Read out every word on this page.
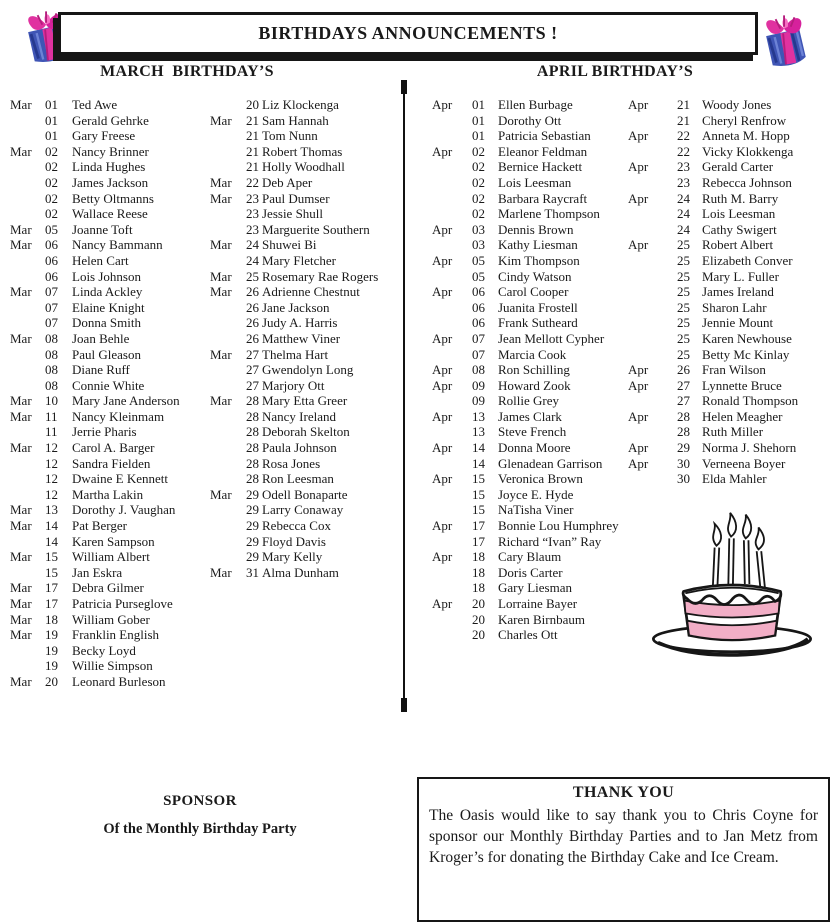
BIRTHDAYS ANNOUNCEMENTS !
MARCH  BIRTHDAY’S	APRIL BIRTHDAY’S
Mar	01	Ted Awe
01	Gerald Gehrke
01	Gary Freese
Mar	02	Nancy Brinner
02	Linda Hughes
02	James Jackson
02	Betty Oltmanns
02	Wallace Reese
Mar	05	Joanne Toft
Mar	06	Nancy Bammann
06	Helen Cart
06	Lois Johnson
Mar	07	Linda Ackley
07	Elaine Knight
07	Donna Smith
Mar	08	Joan Behle
08	Paul Gleason
08	Diane Ruff
08	Connie White
Mar	10	Mary Jane Anderson
Mar	11	Nancy Kleinmam
11	Jerrie Pharis
Mar	12	Carol A. Barger
12	Sandra Fielden
12	Dwaine E Kennett
12	Martha Lakin
Mar	13	Dorothy J. Vaughan
Mar	14	Pat Berger
14	Karen Sampson
Mar	15	William Albert
15	Jan Eskra
Mar	17	Debra Gilmer
Mar	17	Patricia Purseglove
Mar	18	William Gober
Mar	19	Franklin English
19	Becky Loyd
19	Willie Simpson
Mar	20	Leonard Burleson
20 Liz Klockenga
Mar	21 Sam Hannah
21 Tom Nunn
21 Robert Thomas
21 Holly Woodhall
Mar	22 Deb Aper
Mar	23 Paul Dumser
23 Jessie Shull
23 Marguerite Southern
Mar	24 Shuwei Bi
24 Mary Fletcher
Mar	25 Rosemary Rae Rogers
Mar	26 Adrienne Chestnut
26 Jane Jackson
26 Judy A. Harris
26 Matthew Viner
Mar	27 Thelma Hart
27 Gwendolyn Long
27 Marjory Ott
Mar	28 Mary Etta Greer
28 Nancy Ireland
28 Deborah Skelton
28 Paula Johnson
28 Rosa Jones
28 Ron Leesman
Mar	29 Odell Bonaparte
29 Larry Conaway
29 Rebecca Cox
29 Floyd Davis
29 Mary Kelly
Mar	31 Alma Dunham
Apr	01	Ellen Burbage
01	Dorothy Ott
01	Patricia Sebastian
Apr	02	Eleanor Feldman
02	Bernice Hackett
02	Lois Leesman
02	Barbara Raycraft
02	Marlene Thompson
Apr	03	Dennis Brown
03	Kathy Liesman
Apr	05	Kim Thompson
05	Cindy Watson
Apr	06	Carol Cooper
06	Juanita Frostell
06	Frank Sutheard
Apr	07	Jean Mellott Cypher
07	Marcia Cook
Apr	08	Ron Schilling
Apr	09	Howard Zook
09	Rollie Grey
Apr	13	James Clark
13	Steve French
Apr	14	Donna Moore
14	Glenadean Garrison
Apr	15	Veronica Brown
15	Joyce E. Hyde
15	NaTisha Viner
Apr	17	Bonnie Lou Humphrey
17	Richard “Ivan” Ray
Apr	18	Cary Blaum
18	Doris Carter
18	Gary Liesman
Apr	20	Lorraine Bayer
20	Karen Birnbaum
20	Charles Ott
Apr	21 Woody Jones
21 Cheryl Renfrow
Apr	22 Anneta M. Hopp
22 Vicky Klokkenga
Apr	23 Gerald Carter
23 Rebecca Johnson
Apr	24 Ruth M. Barry
24 Lois Leesman
24 Cathy Swigert
Apr	25 Robert Albert
25 Elizabeth Conver
25 Mary L. Fuller
25 James Ireland
25 Sharon Lahr
25 Jennie Mount
25 Karen Newhouse
25 Betty Mc Kinlay
Apr	26 Fran Wilson
Apr	27 Lynnette Bruce
27 Ronald Thompson
Apr	28 Helen Meagher
28 Ruth Miller
Apr	29 Norma J. Shehorn
Apr	30 Verneena Boyer
30 Elda Mahler
SPONSOR
Of the Monthly Birthday Party
THANK YOU

The Oasis would like to say thank you to Chris Coyne for sponsor our Monthly Birthday Parties and to Jan Metz from Kroger’s for donating the Birthday Cake and Ice Cream.
